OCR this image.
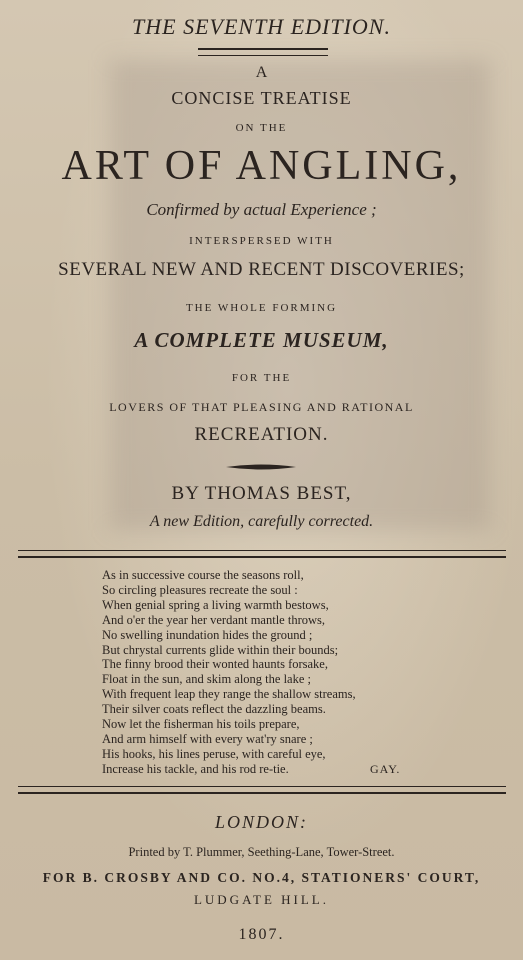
THE SEVENTH EDITION.
A
CONCISE TREATISE
ON THE
ART OF ANGLING,
Confirmed by actual Experience ;
INTERSPERSED WITH
SEVERAL NEW AND RECENT DISCOVERIES;
THE WHOLE FORMING
A COMPLETE MUSEUM,
FOR THE
LOVERS OF THAT PLEASING AND RATIONAL
RECREATION.
BY THOMAS BEST,
A new Edition, carefully corrected.
As in successive course the seasons roll,
So circling pleasures recreate the soul :
When genial spring a living warmth bestows,
And o'er the year her verdant mantle throws,
No swelling inundation hides the ground ;
But chrystal currents glide within their bounds;
The finny brood their wonted haunts forsake,
Float in the sun, and skim along the lake ;
With frequent leap they range the shallow streams,
Their silver coats reflect the dazzling beams.
Now let the fisherman his toils prepare,
And arm himself with every wat'ry snare ;
His hooks, his lines peruse, with careful eye,
Increase his tackle, and his rod re-tie.	GAY.
LONDON:
Printed by T. Plummer, Seething-Lane, Tower-Street.
FOR B. CROSBY AND CO. NO.4, STATIONERS' COURT,
LUDGATE HILL.
1807.
